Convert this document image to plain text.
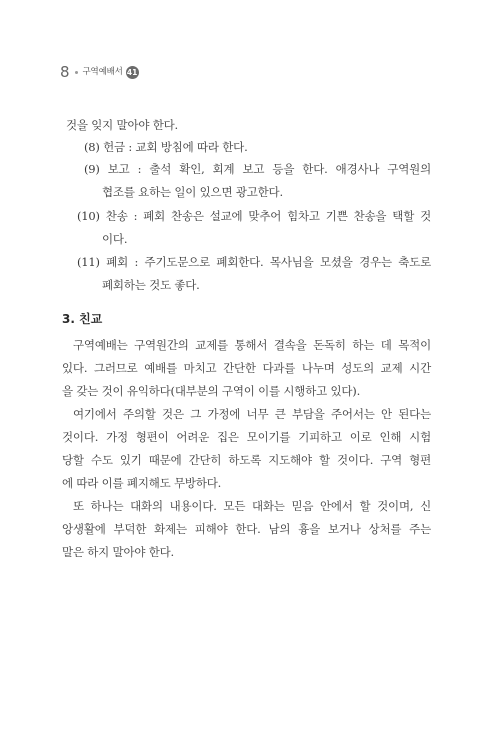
8 구역예배서 41
것을 잊지 말아야 한다.
(8) 헌금 : 교회 방침에 따라 한다.
(9) 보고 : 출석 확인, 회계 보고 등을 한다. 애경사나 구역원의
협조를 요하는 일이 있으면 광고한다.
(10) 찬송 : 폐회 찬송은 설교에 맞추어 힘차고 기쁜 찬송을 택할 것
이다.
(11) 폐회 : 주기도문으로 폐회한다. 목사님을 모셨을 경우는 축도로
폐회하는 것도 좋다.
구역예배는 구역원간의 교제를 통해서 결속을 돈독히 하는 데 목적이
있다. 그러므로 예배를 마치고 간단한 다과를 나누며 성도의 교제 시간
을 갖는 것이 유익하다(대부분의 구역이 이를 시행하고 있다).
여기에서 주의할 것은 그 가정에 너무 큰 부담을 주어서는 안 된다는
것이다. 가정 형편이 어려운 집은 모이기를 기피하고 이로 인해 시험
당할 수도 있기 때문에 간단히 하도록 지도해야 할 것이다. 구역 형편
에 따라 이를 폐지해도 무방하다.
또 하나는 대화의 내용이다. 모든 대화는 믿음 안에서 할 것이며, 신
앙생활에 부덕한 화제는 피해야 한다. 남의 흉을 보거나 상처를 주는
말은 하지 말아야 한다.
3. 친교
